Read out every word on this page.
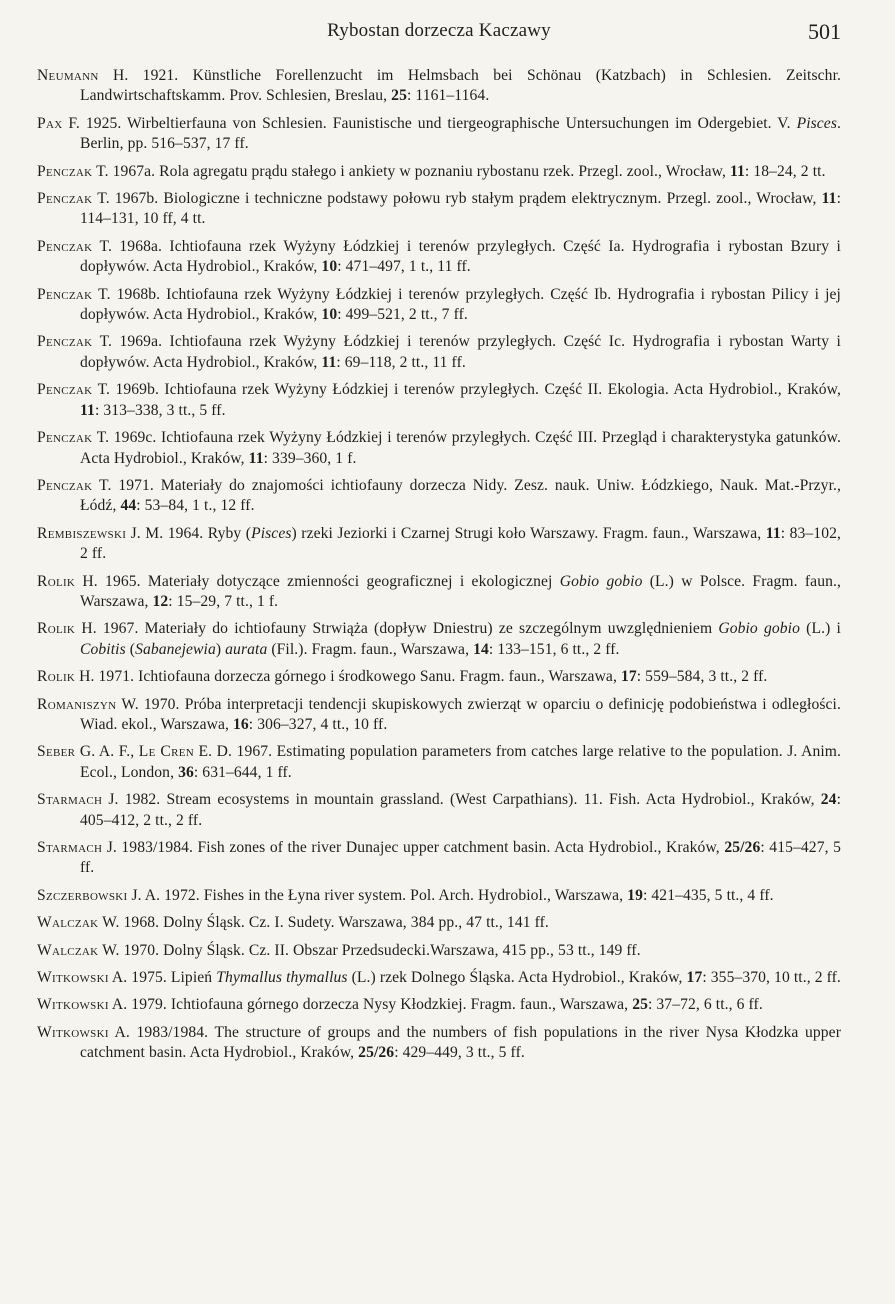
Rybostan dorzecza Kaczawy	501
Neumann H. 1921. Künstliche Forellenzucht im Helmsbach bei Schönau (Katzbach) in Schlesien. Zeitschr. Landwirtschaftskamm. Prov. Schlesien, Breslau, 25: 1161–1164.
Pax F. 1925. Wirbeltierfauna von Schlesien. Faunistische und tiergeographische Untersuchungen im Odergebiet. V. Pisces. Berlin, pp. 516–537, 17 ff.
Penczak T. 1967a. Rola agregatu prądu stałego i ankiety w poznaniu rybostanu rzek. Przegl. zool., Wrocław, 11: 18–24, 2 tt.
Penczak T. 1967b. Biologiczne i techniczne podstawy połowu ryb stałym prądem elektrycznym. Przegl. zool., Wrocław, 11: 114–131, 10 ff, 4 tt.
Penczak T. 1968a. Ichtiofauna rzek Wyżyny Łódzkiej i terenów przyległych. Część Ia. Hydrografia i rybostan Bzury i dopływów. Acta Hydrobiol., Kraków, 10: 471–497, 1 t., 11 ff.
Penczak T. 1968b. Ichtiofauna rzek Wyżyny Łódzkiej i terenów przyległych. Część Ib. Hydrografia i rybostan Pilicy i jej dopływów. Acta Hydrobiol., Kraków, 10: 499–521, 2 tt., 7 ff.
Penczak T. 1969a. Ichtiofauna rzek Wyżyny Łódzkiej i terenów przyległych. Część Ic. Hydrografia i rybostan Warty i dopływów. Acta Hydrobiol., Kraków, 11: 69–118, 2 tt., 11 ff.
Penczak T. 1969b. Ichtiofauna rzek Wyżyny Łódzkiej i terenów przyległych. Część II. Ekologia. Acta Hydrobiol., Kraków, 11: 313–338, 3 tt., 5 ff.
Penczak T. 1969c. Ichtiofauna rzek Wyżyny Łódzkiej i terenów przyległych. Część III. Przegląd i charakterystyka gatunków. Acta Hydrobiol., Kraków, 11: 339–360, 1 f.
Penczak T. 1971. Materiały do znajomości ichtiofauny dorzecza Nidy. Zesz. nauk. Uniw. Łódzkiego, Nauk. Mat.-Przyr., Łódź, 44: 53–84, 1 t., 12 ff.
Rembiszewski J. M. 1964. Ryby (Pisces) rzeki Jeziorki i Czarnej Strugi koło Warszawy. Fragm. faun., Warszawa, 11: 83–102, 2 ff.
Rolik H. 1965. Materiały dotyczące zmienności geograficznej i ekologicznej Gobio gobio (L.) w Polsce. Fragm. faun., Warszawa, 12: 15–29, 7 tt., 1 f.
Rolik H. 1967. Materiały do ichtiofauny Strwiąża (dopływ Dniestru) ze szczególnym uwzględnieniem Gobio gobio (L.) i Cobitis (Sabanejewia) aurata (Fil.). Fragm. faun., Warszawa, 14: 133–151, 6 tt., 2 ff.
Rolik H. 1971. Ichtiofauna dorzecza górnego i środkowego Sanu. Fragm. faun., Warszawa, 17: 559–584, 3 tt., 2 ff.
Romaniszyn W. 1970. Próba interpretacji tendencji skupiskowych zwierząt w oparciu o definicję podobieństwa i odległości. Wiad. ekol., Warszawa, 16: 306–327, 4 tt., 10 ff.
Seber G. A. F., Le Cren E. D. 1967. Estimating population parameters from catches large relative to the population. J. Anim. Ecol., London, 36: 631–644, 1 ff.
Starmach J. 1982. Stream ecosystems in mountain grassland. (West Carpathians). 11. Fish. Acta Hydrobiol., Kraków, 24: 405–412, 2 tt., 2 ff.
Starmach J. 1983/1984. Fish zones of the river Dunajec upper catchment basin. Acta Hydrobiol., Kraków, 25/26: 415–427, 5 ff.
Szczerbowski J. A. 1972. Fishes in the Łyna river system. Pol. Arch. Hydrobiol., Warszawa, 19: 421–435, 5 tt., 4 ff.
Walczak W. 1968. Dolny Śląsk. Cz. I. Sudety. Warszawa, 384 pp., 47 tt., 141 ff.
Walczak W. 1970. Dolny Śląsk. Cz. II. Obszar Przedsudecki.Warszawa, 415 pp., 53 tt., 149 ff.
Witkowski A. 1975. Lipień Thymallus thymallus (L.) rzek Dolnego Śląska. Acta Hydrobiol., Kraków, 17: 355–370, 10 tt., 2 ff.
Witkowski A. 1979. Ichtiofauna górnego dorzecza Nysy Kłodzkiej. Fragm. faun., Warszawa, 25: 37–72, 6 tt., 6 ff.
Witkowski A. 1983/1984. The structure of groups and the numbers of fish populations in the river Nysa Kłodzka upper catchment basin. Acta Hydrobiol., Kraków, 25/26: 429–449, 3 tt., 5 ff.
